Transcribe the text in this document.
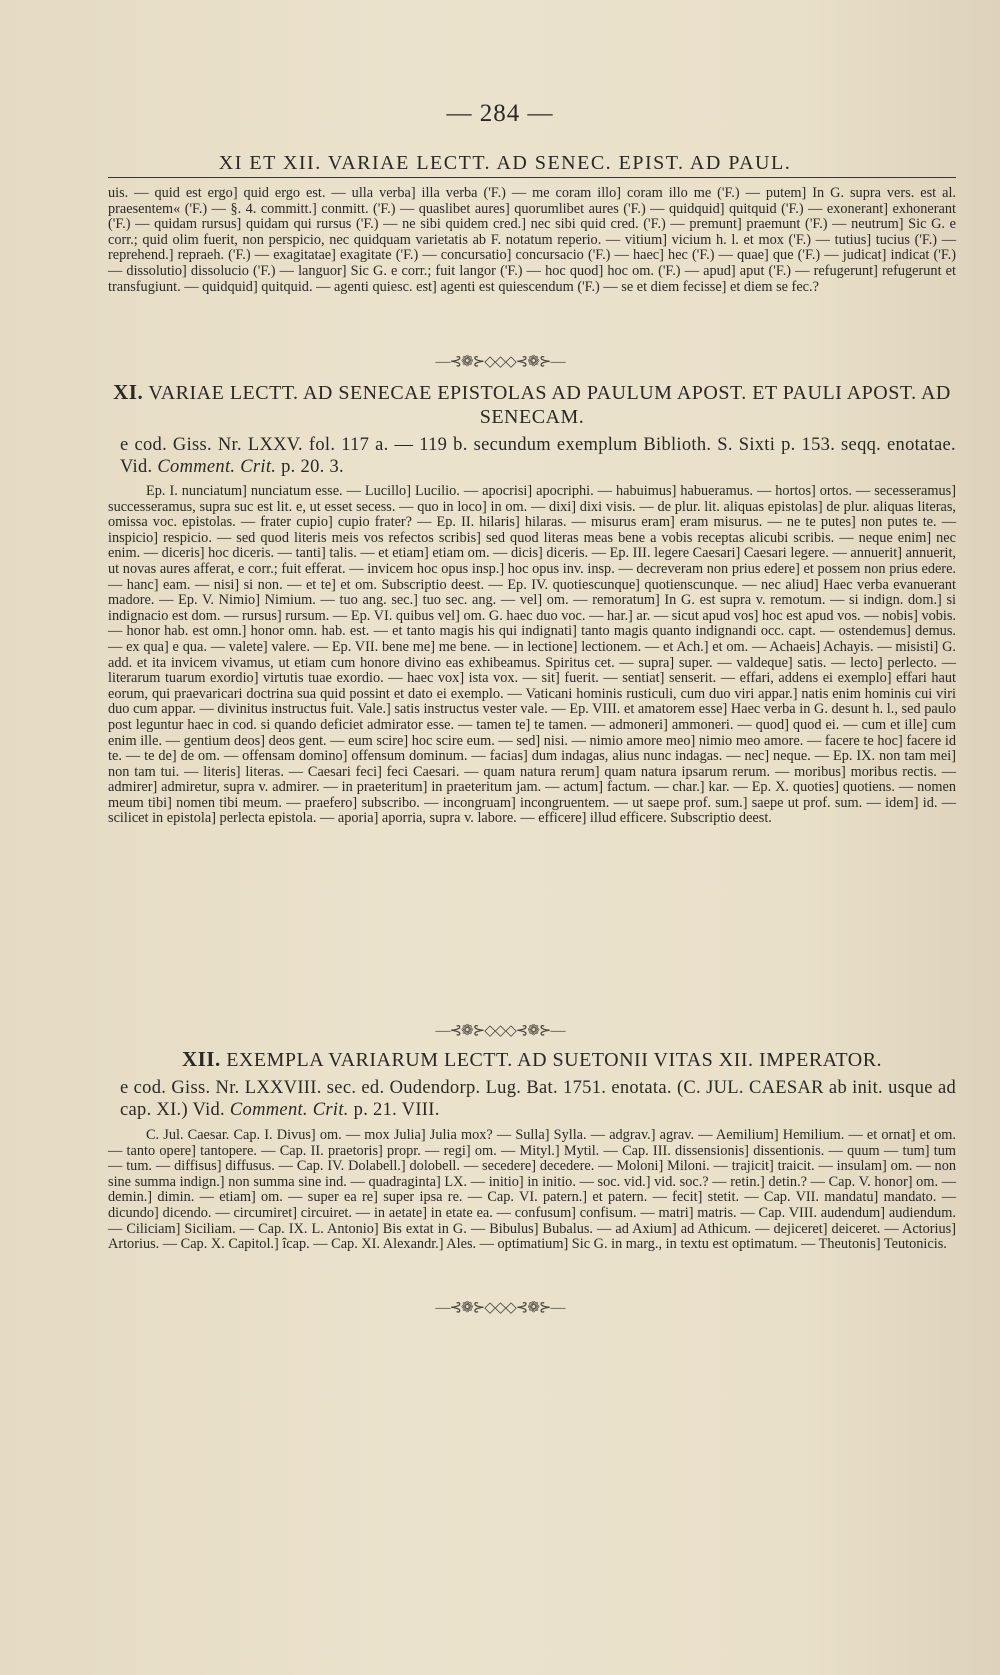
— 284 —
XI ET XII. VARIAE LECTT. AD SENEC. EPIST. AD PAUL.

uis. — quid est ergo] quid ergo est. — ulla verba] illa verba ('F.) — me coram illo] coram illo me ('F.) — putem] In G. supra vers. est al. praesentem« ('F.) — §. 4. committ.] conmitt. ('F.) — quaslibet aures] quorumlibet aures ('F.) — quidquid] quitquid ('F.) — exonerant] exhonerant ('F.) — quidam rursus] quidam qui rursus ('F.) — ne sibi quidem cred.] nec sibi quid cred. ('F.) — premunt] praemunt ('F.) — neutrum] Sic G. e corr.; quid olim fuerit, non perspicio, nec quidquam varietatis ab F. notatum reperio. — vitium] vicium h. l. et mox ('F.) — tutius] tucius ('F.) — reprehend.] repraeh. ('F.) — exagitatae] exagitate ('F.) — concursatio] concursacio ('F.) — haec] hec ('F.) — quae] que ('F.) — judicat] indicat ('F.) — dissolutio] dissolucio ('F.) — languor] Sic G. e corr.; fuit langor ('F.) — hoc quod] hoc om. ('F.) — apud] aput ('F.) — refugerunt] refugerunt et transfugiunt. — quidquid] quitquid. — agenti quiesc. est] agenti est quiescendum ('F.) — se et diem fecisse] et diem se fec.?

—⊰❁⊱◇◇◇⊰❁⊱—
XI. VARIAE LECTT. AD SENECAE EPISTOLAS AD PAULUM APOST. ET PAULI APOST. AD SENECAM.
e cod. Giss. Nr. LXXV. fol. 117 a. — 119 b. secundum exemplum Biblioth. S. Sixti p. 153. seqq. enotatae. Vid. Comment. Crit. p. 20. 3.

Ep. I. nunciatum] nunciatum esse. — Lucillo] Lucilio. — apocrisi] apocriphi. — habuimus] habueramus. — hortos] ortos. — secesseramus] successeramus, supra suc est lit. e, ut esset secess. — quo in loco] in om. — dixi] dixi visis. — de plur. lit. aliquas epistolas] de plur. aliquas literas, omissa voc. epistolas. — frater cupio] cupio frater? — Ep. II. hilaris] hilaras. — misurus eram] eram misurus. — ne te putes] non putes te. — inspicio] respicio. — sed quod literis meis vos refectos scribis] sed quod literas meas bene a vobis receptas alicubi scribis. — neque enim] nec enim. — diceris] hoc diceris. — tanti] talis. — et etiam] etiam om. — dicis] diceris. — Ep. III. legere Caesari] Caesari legere. — annuerit] annuerit, ut novas aures afferat, e corr.; fuit efferat. — invicem hoc opus insp.] hoc opus inv. insp. — decreveram non prius edere] et possem non prius edere. — hanc] eam. — nisi] si non. — et te] et om. Subscriptio deest. — Ep. IV. quotiescunque] quotienscunque. — nec aliud] Haec verba evanuerant madore. — Ep. V. Nimio] Nimium. — tuo ang. sec.] tuo sec. ang. — vel] om. — remoratum] In G. est supra v. remotum. — si indign. dom.] si indignacio est dom. — rursus] rursum. — Ep. VI. quibus vel] om. G. haec duo voc. — har.] ar. — sicut apud vos] hoc est apud vos. — nobis] vobis. — honor hab. est omn.] honor omn. hab. est. — et tanto magis his qui indignati] tanto magis quanto indignandi occ. capt. — ostendemus] demus. — ex qua] e qua. — valete] valere. — Ep. VII. bene me] me bene. — in lectione] lectionem. — et Ach.] et om. — Achaeis] Achayis. — misisti] G. add. et ita invicem vivamus, ut etiam cum honore divino eas exhibeamus. Spiritus cet. — supra] super. — valdeque] satis. — lecto] perlecto. — literarum tuarum exordio] virtutis tuae exordio. — haec vox] ista vox. — sit] fuerit. — sentiat] senserit. — effari, addens ei exemplo] effari haut eorum, qui praevaricari doctrina sua quid possint et dato ei exemplo. — Vaticani hominis rusticuli, cum duo viri appar.] natis enim hominis cui viri duo cum appar. — divinitus instructus fuit. Vale.] satis instructus vester vale. — Ep. VIII. et amatorem esse] Haec verba in G. desunt h. l., sed paulo post leguntur haec in cod. si quando deficiet admirator esse. — tamen te] te tamen. — admoneri] ammoneri. — quod] quod ei. — cum et ille] cum enim ille. — gentium deos] deos gent. — eum scire] hoc scire eum. — sed] nisi. — nimio amore meo] nimio meo amore. — facere te hoc] facere id te. — te de] de om. — offensam domino] offensum dominum. — facias] dum indagas, alius nunc indagas. — nec] neque. — Ep. IX. non tam mei] non tam tui. — literis] literas. — Caesari feci] feci Caesari. — quam natura rerum] quam natura ipsarum rerum. — moribus] moribus rectis. — admirer] admiretur, supra v. admirer. — in praeteritum] in praeteritum jam. — actum] factum. — char.] kar. — Ep. X. quoties] quotiens. — nomen meum tibi] nomen tibi meum. — praefero] subscribo. — incongruam] incongruentem. — ut saepe prof. sum.] saepe ut prof. sum. — idem] id. — scilicet in epistola] perlecta epistola. — aporia] aporria, supra v. labore. — efficere] illud efficere. Subscriptio deest.

—⊰❁⊱◇◇◇⊰❁⊱—
XII. EXEMPLA VARIARUM LECTT. AD SUETONII VITAS XII. IMPERATOR.
e cod. Giss. Nr. LXXVIII. sec. ed. Oudendorp. Lug. Bat. 1751. enotata. (C. JUL. CAESAR ab init. usque ad cap. XI.) Vid. Comment. Crit. p. 21. VIII.

C. Jul. Caesar. Cap. I. Divus] om. — mox Julia] Julia mox? — Sulla] Sylla. — adgrav.] agrav. — Aemilium] Hemilium. — et ornat] et om. — tanto opere] tantopere. — Cap. II. praetoris] propr. — regi] om. — Mityl.] Mytil. — Cap. III. dissensionis] dissentionis. — quum — tum] tum — tum. — diffisus] diffusus. — Cap. IV. Dolabell.] dolobell. — secedere] decedere. — Moloni] Miloni. — trajicit] traicit. — insulam] om. — non sine summa indign.] non summa sine ind. — quadraginta] LX. — initio] in initio. — soc. vid.] vid. soc.? — retin.] detin.? — Cap. V. honor] om. — demin.] dimin. — etiam] om. — super ea re] super ipsa re. — Cap. VI. patern.] et patern. — fecit] stetit. — Cap. VII. mandatu] mandato. — dicundo] dicendo. — circumiret] circuiret. — in aetate] in etate ea. — confusum] confisum. — matri] matris. — Cap. VIII. audendum] audiendum. — Ciliciam] Siciliam. — Cap. IX. L. Antonio] Bis extat in G. — Bibulus] Bubalus. — ad Axium] ad Athicum. — dejiceret] deiceret. — Actorius] Artorius. — Cap. X. Capitol.] îcap. — Cap. XI. Alexandr.] Ales. — optimatium] Sic G. in marg., in textu est optimatum. — Theutonis] Teutonicis.

—⊰❁⊱◇◇◇⊰❁⊱—
